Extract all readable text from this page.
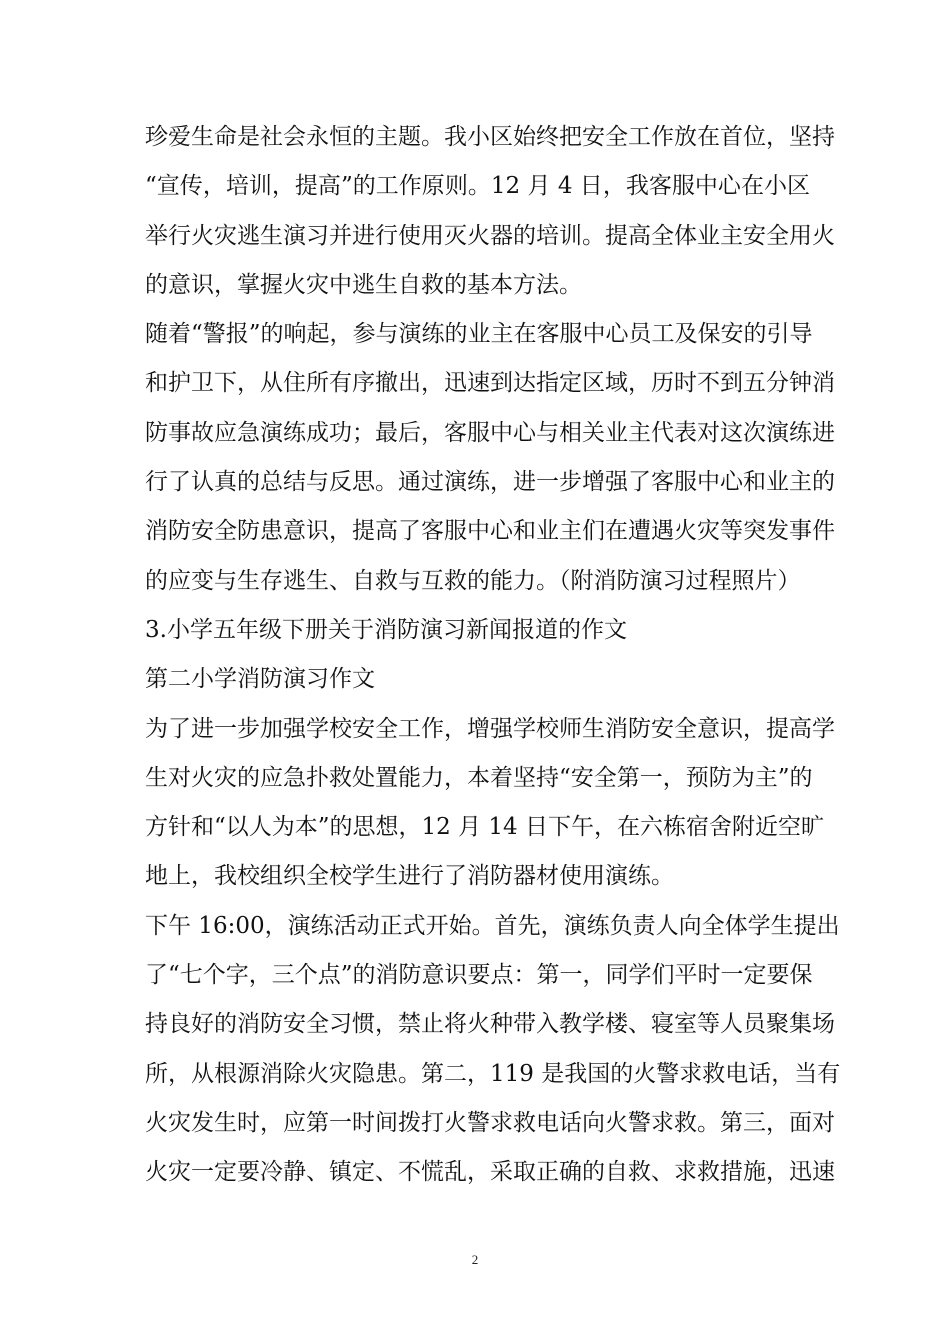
珍爱生命是社会永恒的主题。我小区始终把安全工作放在首位，坚持
“宣传，培训，提高”的工作原则。12 月 4 日，我客服中心在小区
举行火灾逃生演习并进行使用灭火器的培训。提高全体业主安全用火
的意识，掌握火灾中逃生自救的基本方法。
随着“警报”的响起，参与演练的业主在客服中心员工及保安的引导
和护卫下，从住所有序撤出，迅速到达指定区域，历时不到五分钟消
防事故应急演练成功；最后，客服中心与相关业主代表对这次演练进
行了认真的总结与反思。通过演练，进一步增强了客服中心和业主的
消防安全防患意识，提高了客服中心和业主们在遭遇火灾等突发事件
的应变与生存逃生、自救与互救的能力。（附消防演习过程照片）
3.小学五年级下册关于消防演习新闻报道的作文
第二小学消防演习作文
为了进一步加强学校安全工作，增强学校师生消防安全意识，提高学
生对火灾的应急扑救处置能力，本着坚持“安全第一，预防为主”的
方针和“以人为本”的思想，12 月 14 日下午，在六栋宿舍附近空旷
地上，我校组织全校学生进行了消防器材使用演练。
下午 16:00，演练活动正式开始。首先，演练负责人向全体学生提出
了“七个字，三个点”的消防意识要点：第一，同学们平时一定要保
持良好的消防安全习惯，禁止将火种带入教学楼、寝室等人员聚集场
所，从根源消除火灾隐患。第二，119 是我国的火警求救电话，当有
火灾发生时，应第一时间拨打火警求救电话向火警求救。第三，面对
火灾一定要冷静、镇定、不慌乱，采取正确的自救、求救措施，迅速
2
